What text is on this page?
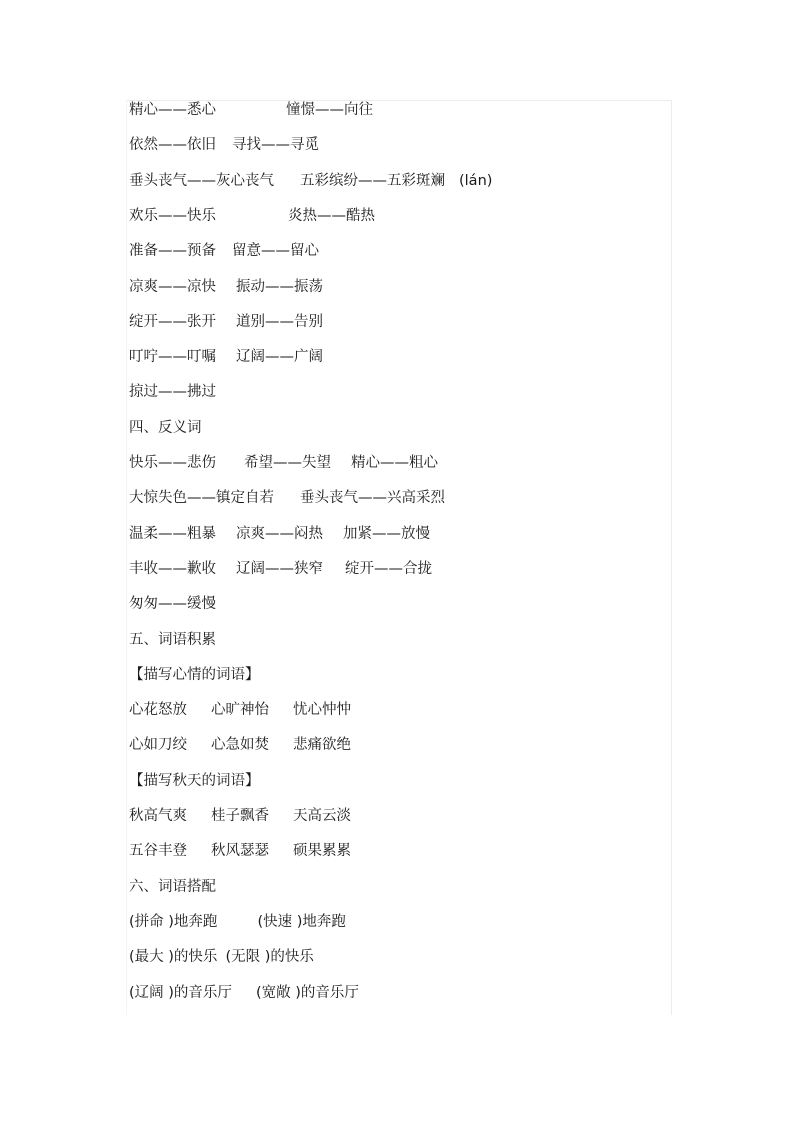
精心——悉心	憧憬——向往
依然——依旧 寻找——寻觅
垂头丧气——灰心丧气 五彩缤纷——五彩斑斓 (lán)
欢乐——快乐	炎热——酷热
准备——预备 留意——留心
凉爽——凉快 振动——振荡
绽开——张开 道别——告别
叮咛——叮嘱 辽阔——广阔
掠过——拂过
四、反义词
快乐——悲伤 希望——失望 精心——粗心
大惊失色——镇定自若 垂头丧气——兴高采烈
温柔——粗暴 凉爽——闷热 加紧——放慢
丰收——歉收 辽阔——狭窄 绽开——合拢
匆匆——缓慢
五、词语积累
【描写心情的词语】
心花怒放 心旷神怡 忧心忡忡
心如刀绞 心急如焚 悲痛欲绝
【描写秋天的词语】
秋高气爽 桂子飘香 天高云淡
五谷丰登 秋风瑟瑟 硕果累累
六、词语搭配
(拼命 )地奔跑	(快速 )地奔跑
(最大 )的快乐 (无限 )的快乐
(辽阔 )的音乐厅 (宽敞 )的音乐厅
